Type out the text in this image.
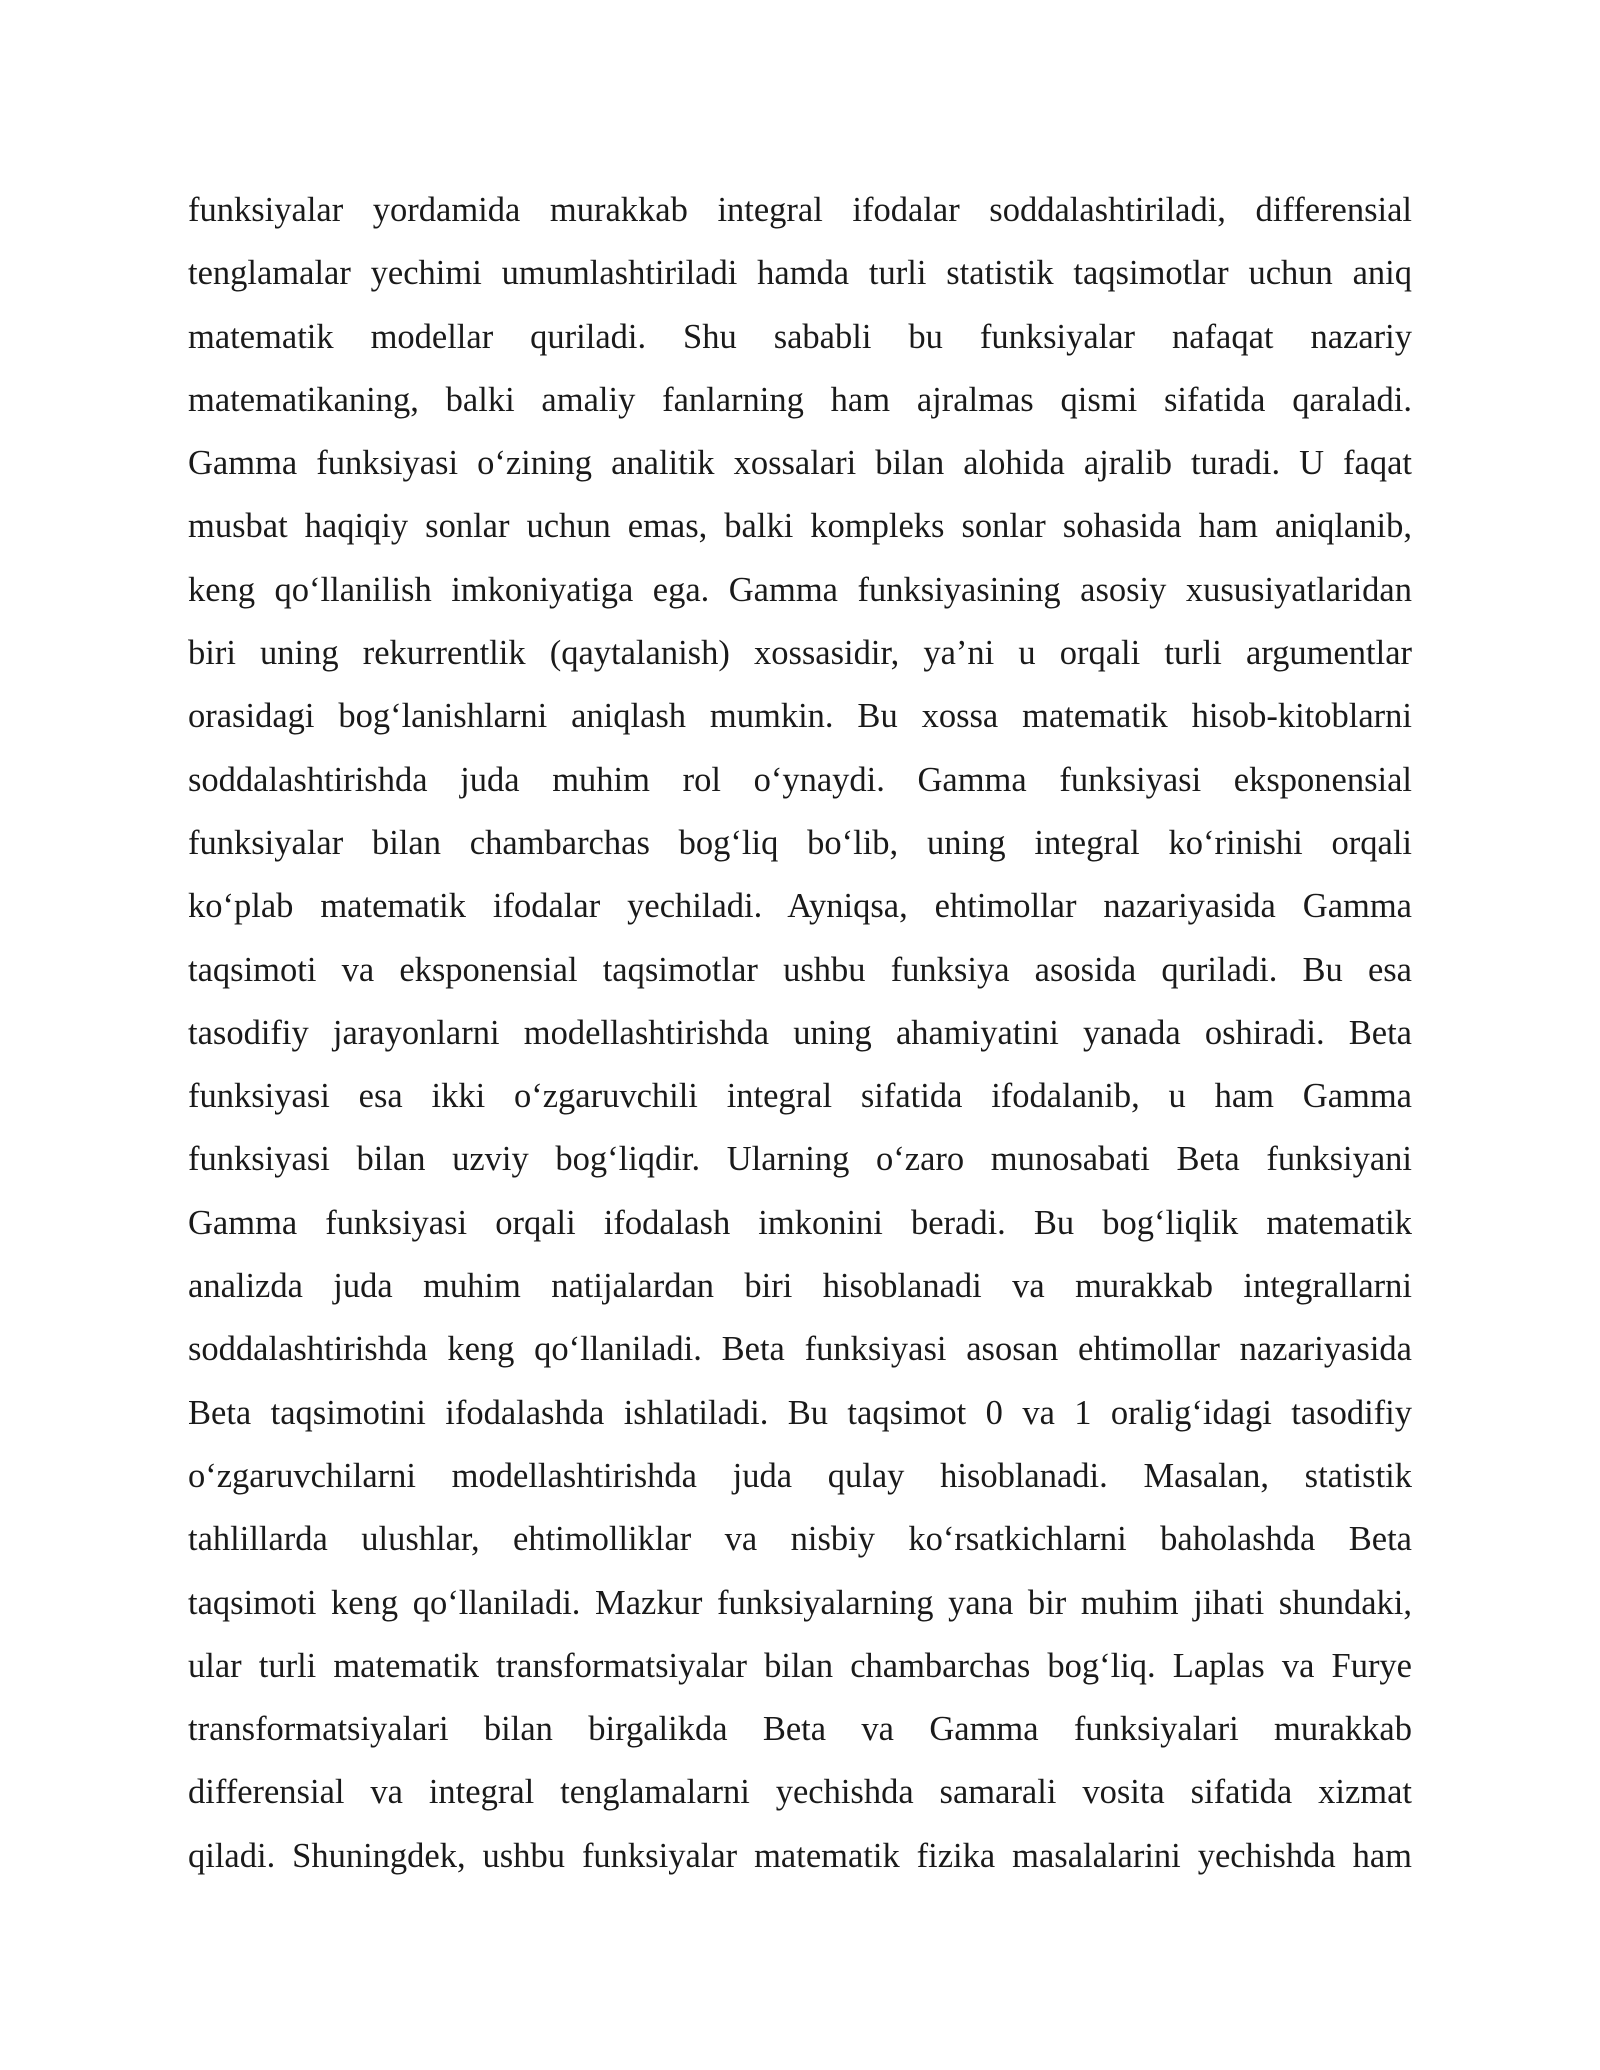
funksiyalar yordamida murakkab integral ifodalar soddalashtiriladi, differensial
tenglamalar yechimi umumlashtiriladi hamda turli statistik taqsimotlar uchun aniq
matematik modellar quriladi. Shu sababli bu funksiyalar nafaqat nazariy
matematikaning, balki amaliy fanlarning ham ajralmas qismi sifatida qaraladi.
Gamma funksiyasi o‘zining analitik xossalari bilan alohida ajralib turadi. U faqat
musbat haqiqiy sonlar uchun emas, balki kompleks sonlar sohasida ham aniqlanib,
keng qo‘llanilish imkoniyatiga ega. Gamma funksiyasining asosiy xususiyatlaridan
biri uning rekurrentlik (qaytalanish) xossasidir, ya’ni u orqali turli argumentlar
orasidagi bog‘lanishlarni aniqlash mumkin. Bu xossa matematik hisob-kitoblarni
soddalashtirishda juda muhim rol o‘ynaydi. Gamma funksiyasi eksponensial
funksiyalar bilan chambarchas bog‘liq bo‘lib, uning integral ko‘rinishi orqali
ko‘plab matematik ifodalar yechiladi. Ayniqsa, ehtimollar nazariyasida Gamma
taqsimoti va eksponensial taqsimotlar ushbu funksiya asosida quriladi. Bu esa
tasodifiy jarayonlarni modellashtirishda uning ahamiyatini yanada oshiradi. Beta
funksiyasi esa ikki o‘zgaruvchili integral sifatida ifodalanib, u ham Gamma
funksiyasi bilan uzviy bog‘liqdir. Ularning o‘zaro munosabati Beta funksiyani
Gamma funksiyasi orqali ifodalash imkonini beradi. Bu bog‘liqlik matematik
analizda juda muhim natijalardan biri hisoblanadi va murakkab integrallarni
soddalashtirishda keng qo‘llaniladi. Beta funksiyasi asosan ehtimollar nazariyasida
Beta taqsimotini ifodalashda ishlatiladi. Bu taqsimot 0 va 1 oralig‘idagi tasodifiy
o‘zgaruvchilarni modellashtirishda juda qulay hisoblanadi. Masalan, statistik
tahlillarda ulushlar, ehtimolliklar va nisbiy ko‘rsatkichlarni baholashda Beta
taqsimoti keng qo‘llaniladi. Mazkur funksiyalarning yana bir muhim jihati shundaki,
ular turli matematik transformatsiyalar bilan chambarchas bog‘liq. Laplas va Furye
transformatsiyalari bilan birgalikda Beta va Gamma funksiyalari murakkab
differensial va integral tenglamalarni yechishda samarali vosita sifatida xizmat
qiladi. Shuningdek, ushbu funksiyalar matematik fizika masalalarini yechishda ham
